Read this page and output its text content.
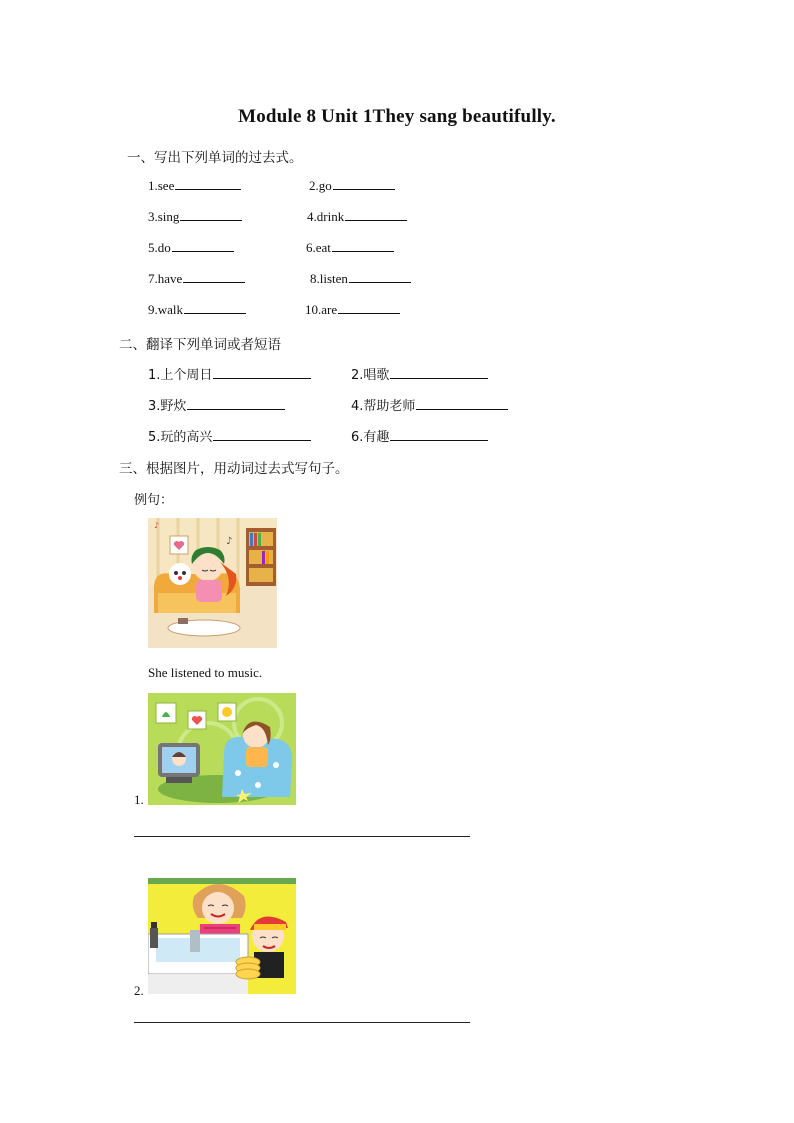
Module 8 Unit 1They sang beautifully.
一、写出下列单词的过去式。
1.see	2.go
3.sing	4.drink
5.do	6.eat
7.have	8.listen
9.walk	10.are
二、翻译下列单词或者短语
1.上个周日	2.唱歌
3.野炊	4.帮助老师
5.玩的高兴	6.有趣
三、根据图片，用动词过去式写句子。
例句：
♪
♪
She listened to music.
1.
2.
